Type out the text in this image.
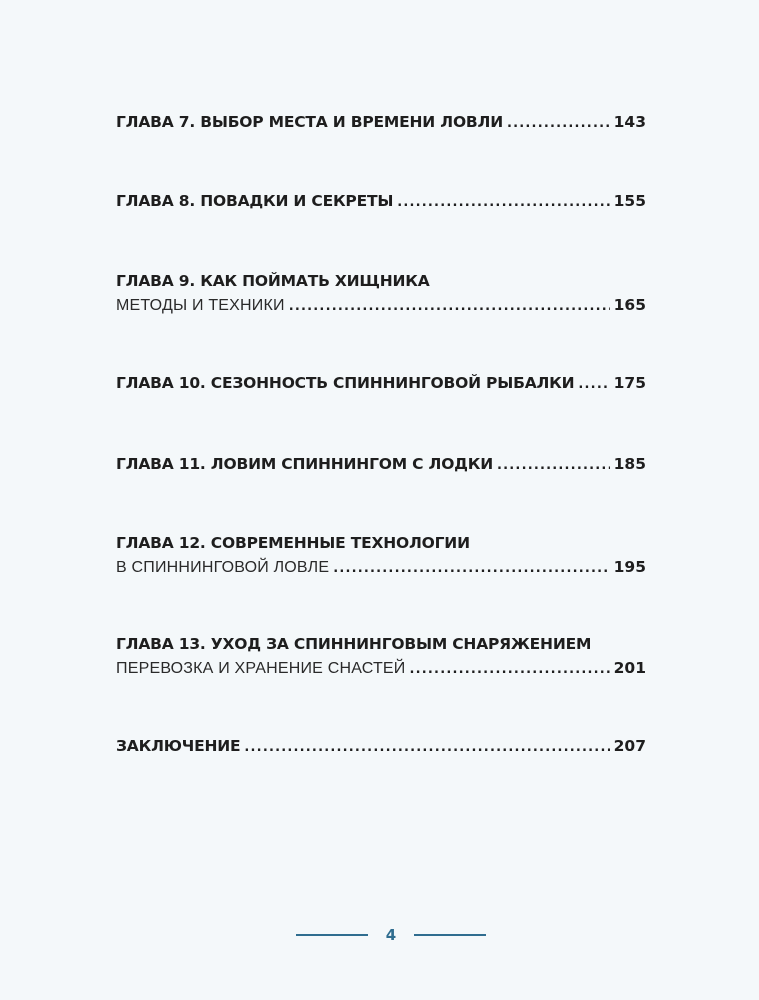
ГЛАВА 7. ВЫБОР МЕСТА И ВРЕМЕНИ ЛОВЛИ .....	143
ГЛАВА 8. ПОВАДКИ И СЕКРЕТЫ .....	155
ГЛАВА 9. КАК ПОЙМАТЬ ХИЩНИКА
МЕТОДЫ И ТЕХНИКИ .....	165
ГЛАВА 10. СЕЗОННОСТЬ СПИННИНГОВОЙ РЫБАЛКИ .....	175
ГЛАВА 11. ЛОВИМ СПИННИНГОМ С ЛОДКИ .....	185
ГЛАВА 12. СОВРЕМЕННЫЕ ТЕХНОЛОГИИ
В СПИННИНГОВОЙ ЛОВЛЕ .....	195
ГЛАВА 13. УХОД ЗА СПИННИНГОВЫМ СНАРЯЖЕНИЕМ
ПЕРЕВОЗКА И ХРАНЕНИЕ СНАСТЕЙ .....	201
ЗАКЛЮЧЕНИЕ .....	207
4
